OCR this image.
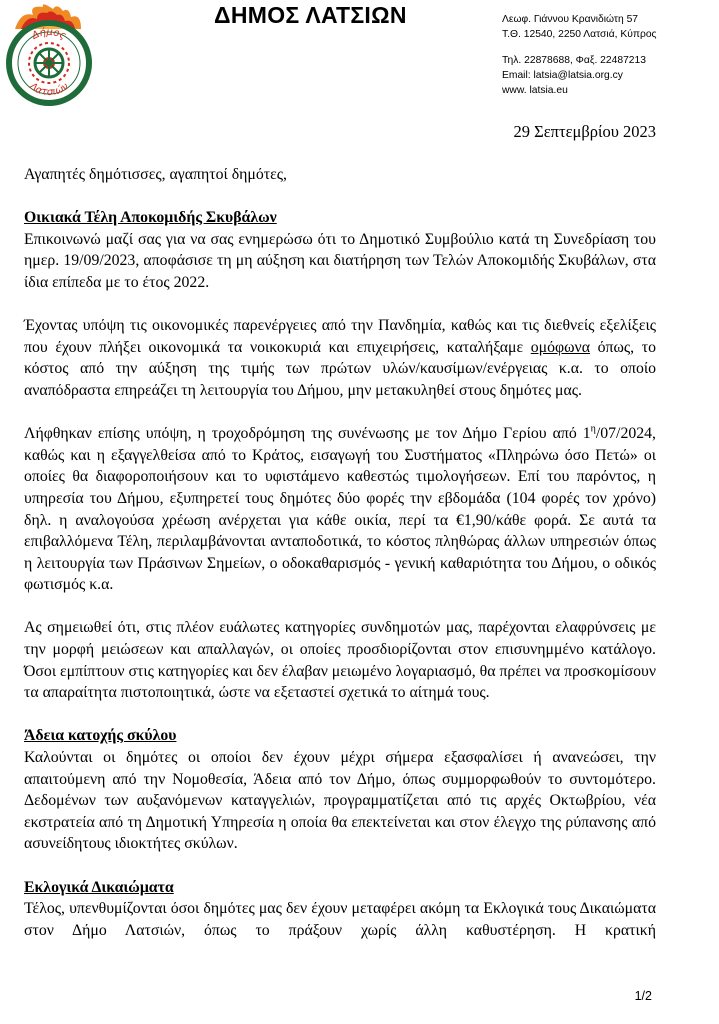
Δήμος
Λατσιών
ΔΗΜΟΣ ΛΑΤΣΙΩΝ	Λεωφ. Γιάννου Κρανιδιώτη 57
Τ.Θ. 12540, 2250 Λατσιά, Κύπρος
Τηλ. 22878688, Φαξ. 22487213
Email: latsia@latsia.org.cy
www. latsia.eu
29 Σεπτεμβρίου 2023

Αγαπητές δημότισσες, αγαπητοί δημότες,

Οικιακά Τέλη Αποκομιδής Σκυβάλων

Επικοινωνώ μαζί σας για να σας ενημερώσω ότι το Δημοτικό Συμβούλιο κατά τη Συνεδρίαση του ημερ. 19/09/2023, αποφάσισε τη μη αύξηση και διατήρηση των Τελών Αποκομιδής Σκυβάλων, στα ίδια επίπεδα με το έτος 2022.

Έχοντας υπόψη τις οικονομικές παρενέργειες από την Πανδημία, καθώς και τις διεθνείς εξελίξεις που έχουν πλήξει οικονομικά τα νοικοκυριά και επιχειρήσεις, καταλήξαμε ομόφωνα όπως, το κόστος από την αύξηση της τιμής των πρώτων υλών/καυσίμων/ενέργειας κ.α. το οποίο αναπόδραστα επηρεάζει τη λειτουργία του Δήμου, μην μετακυληθεί στους δημότες μας.

Λήφθηκαν επίσης υπόψη, η τροχοδρόμηση της συνένωσης με τον Δήμο Γερίου από $1^\eta/07/2024$, καθώς και η εξαγγελθείσα από το Κράτος, εισαγωγή του Συστήματος «Πληρώνω όσο Πετώ» οι οποίες θα διαφοροποιήσουν και το υφιστάμενο καθεστώς τιμολογήσεων. Επί του παρόντος, η υπηρεσία του Δήμου, εξυπηρετεί τους δημότες δύο φορές την εβδομάδα (104 φορές τον χρόνο) δηλ. η αναλογούσα χρέωση ανέρχεται για κάθε οικία, περί τα €1,90/κάθε φορά. Σε αυτά τα επιβαλλόμενα Τέλη, περιλαμβάνονται ανταποδοτικά, το κόστος πληθώρας άλλων υπηρεσιών όπως η λειτουργία των Πράσινων Σημείων, ο οδοκαθαρισμός - γενική καθαριότητα του Δήμου, ο οδικός φωτισμός κ.α.

Ας σημειωθεί ότι, στις πλέον ευάλωτες κατηγορίες συνδημοτών μας, παρέχονται ελαφρύνσεις με την μορφή μειώσεων και απαλλαγών, οι οποίες προσδιορίζονται στον επισυνημμένο κατάλογο. Όσοι εμπίπτουν στις κατηγορίες και δεν έλαβαν μειωμένο λογαριασμό, θα πρέπει να προσκομίσουν τα απαραίτητα πιστοποιητικά, ώστε να εξεταστεί σχετικά το αίτημά τους.

Άδεια κατοχής σκύλου

Καλούνται οι δημότες οι οποίοι δεν έχουν μέχρι σήμερα εξασφαλίσει ή ανανεώσει, την απαιτούμενη από την Νομοθεσία, Άδεια από τον Δήμο, όπως συμμορφωθούν το συντομότερο. Δεδομένων των αυξανόμενων καταγγελιών, προγραμματίζεται από τις αρχές Οκτωβρίου, νέα εκστρατεία από τη Δημοτική Υπηρεσία η οποία θα επεκτείνεται και στον έλεγχο της ρύπανσης από ασυνείδητους ιδιοκτήτες σκύλων.

Εκλογικά Δικαιώματα

Τέλος, υπενθυμίζονται όσοι δημότες μας δεν έχουν μεταφέρει ακόμη τα Εκλογικά τους Δικαιώματα στον Δήμο Λατσιών, όπως το πράξουν χωρίς άλλη καθυστέρηση. Η κρατική

1/2
